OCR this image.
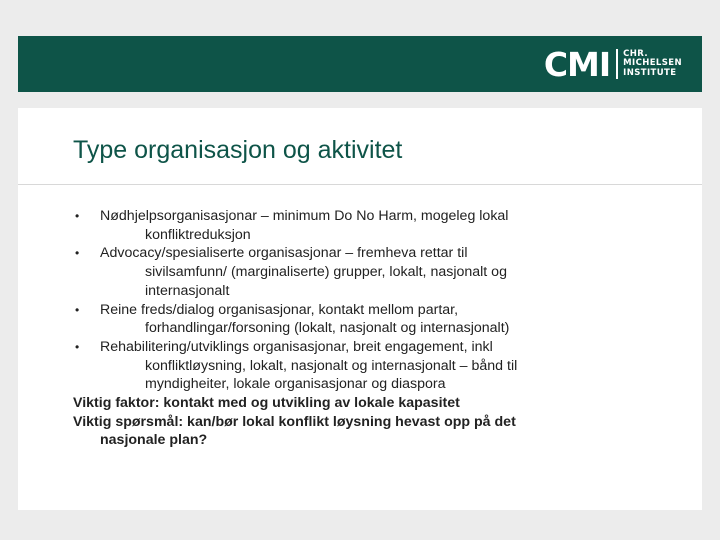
CMI CHR.
MICHELSEN
INSTITUTE
Type organisasjon og aktivitet
• Nødhjelpsorganisasjonar – minimum Do No Harm, mogeleg lokal
konfliktreduksjon
• Advocacy/spesialiserte organisasjonar – fremheva rettar til
sivilsamfunn/ (marginaliserte) grupper, lokalt, nasjonalt og
internasjonalt
• Reine freds/dialog organisasjonar, kontakt mellom partar,
forhandlingar/forsoning (lokalt, nasjonalt og internasjonalt)
• Rehabilitering/utviklings organisasjonar, breit engagement, inkl
konfliktløysning, lokalt, nasjonalt og internasjonalt – bånd til
myndigheiter, lokale organisasjonar og diaspora
Viktig faktor: kontakt med og utvikling av lokale kapasitet
Viktig spørsmål: kan/bør lokal konflikt løysning hevast opp på det
nasjonale plan?
